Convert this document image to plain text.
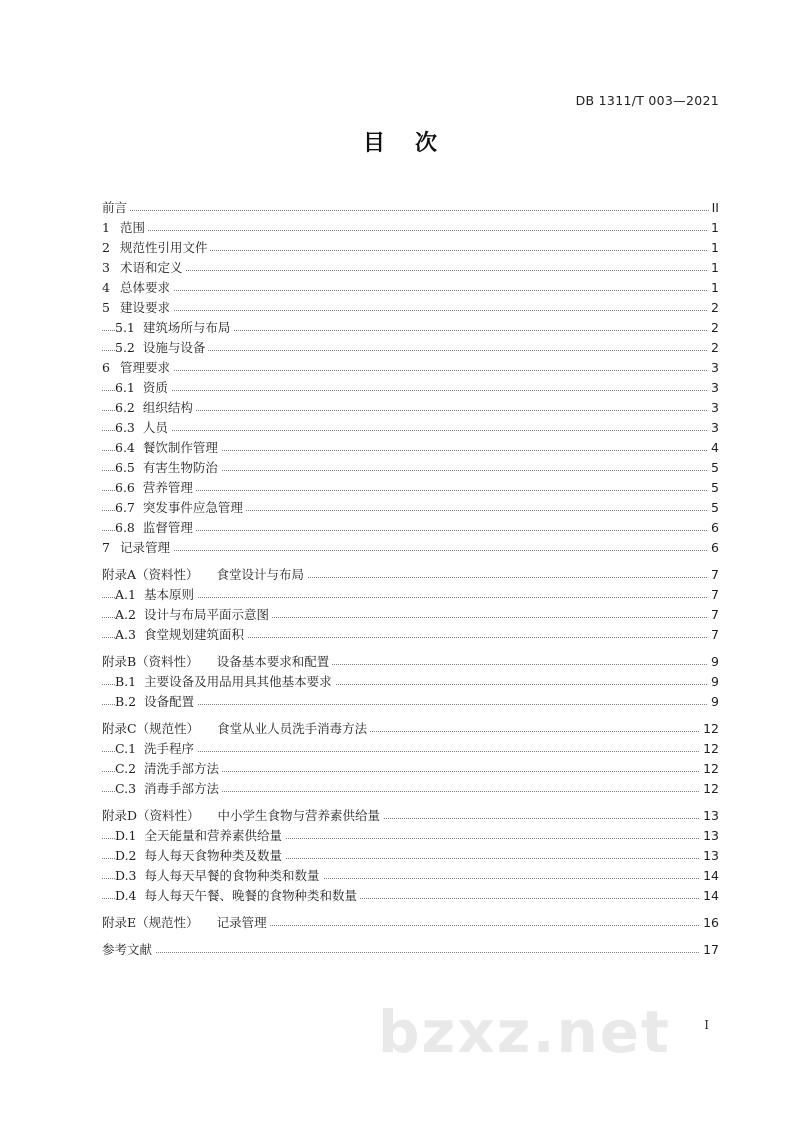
DB 1311/T 003—2021
目次
前言	II
1 范围	1
2 规范性引用文件	1
3 术语和定义	1
4 总体要求	1
5 建设要求	2
5.1 建筑场所与布局	2
5.2 设施与设备	2
6 管理要求	3
6.1 资质	3
6.2 组织结构	3
6.3 人员	3
6.4 餐饮制作管理	4
6.5 有害生物防治	5
6.6 营养管理	5
6.7 突发事件应急管理	5
6.8 监督管理	6
7 记录管理	6
附录A（资料性） 食堂设计与布局	7
A.1 基本原则	7
A.2 设计与布局平面示意图	7
A.3 食堂规划建筑面积	7
附录B（资料性） 设备基本要求和配置	9
B.1 主要设备及用品用具其他基本要求	9
B.2 设备配置	9
附录C（规范性） 食堂从业人员洗手消毒方法	12
C.1 洗手程序	12
C.2 清洗手部方法	12
C.3 消毒手部方法	12
附录D（资料性） 中小学生食物与营养素供给量	13
D.1 全天能量和营养素供给量	13
D.2 每人每天食物种类及数量	13
D.3 每人每天早餐的食物种类和数量	14
D.4 每人每天午餐、晚餐的食物种类和数量	14
附录E（规范性） 记录管理	16
参考文献	17
I
bzxz.net
